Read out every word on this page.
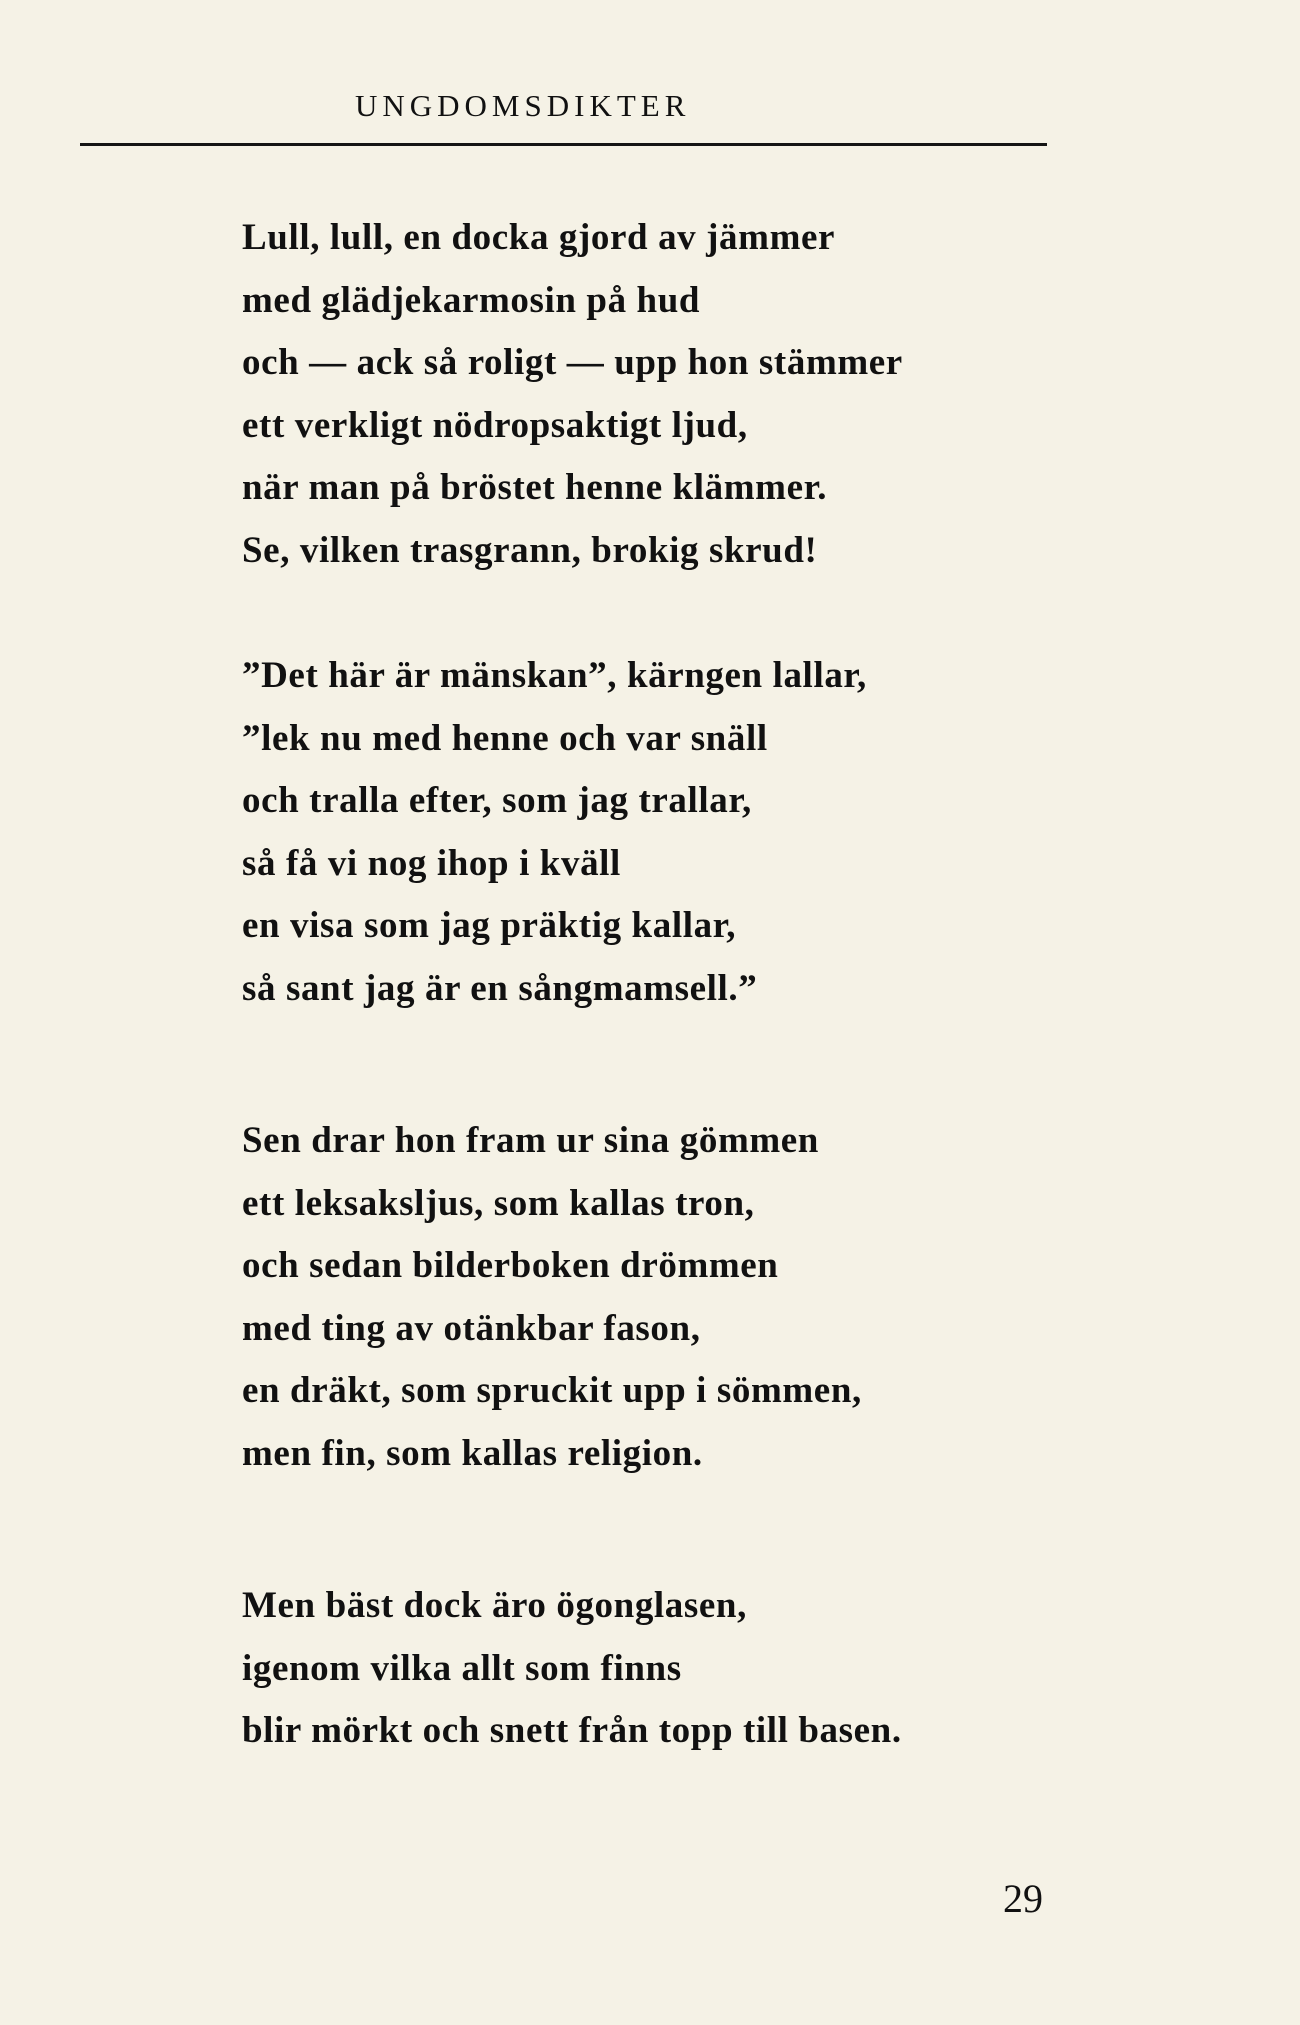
UNGDOMSDIKTER
Lull, lull, en docka gjord av jämmer
med glädjekarmosin på hud
och — ack så roligt — upp hon stämmer
ett verkligt nödropsaktigt ljud,
när man på bröstet henne klämmer.
Se, vilken trasgrann, brokig skrud!
”Det här är mänskan”, kärngen lallar,
”lek nu med henne och var snäll
och tralla efter, som jag trallar,
så få vi nog ihop i kväll
en visa som jag präktig kallar,
så sant jag är en sångmamsell.”
Sen drar hon fram ur sina gömmen
ett leksaksljus, som kallas tron,
och sedan bilderboken drömmen
med ting av otänkbar fason,
en dräkt, som spruckit upp i sömmen,
men fin, som kallas religion.
Men bäst dock äro ögonglasen,
igenom vilka allt som finns
blir mörkt och snett från topp till basen.
29
